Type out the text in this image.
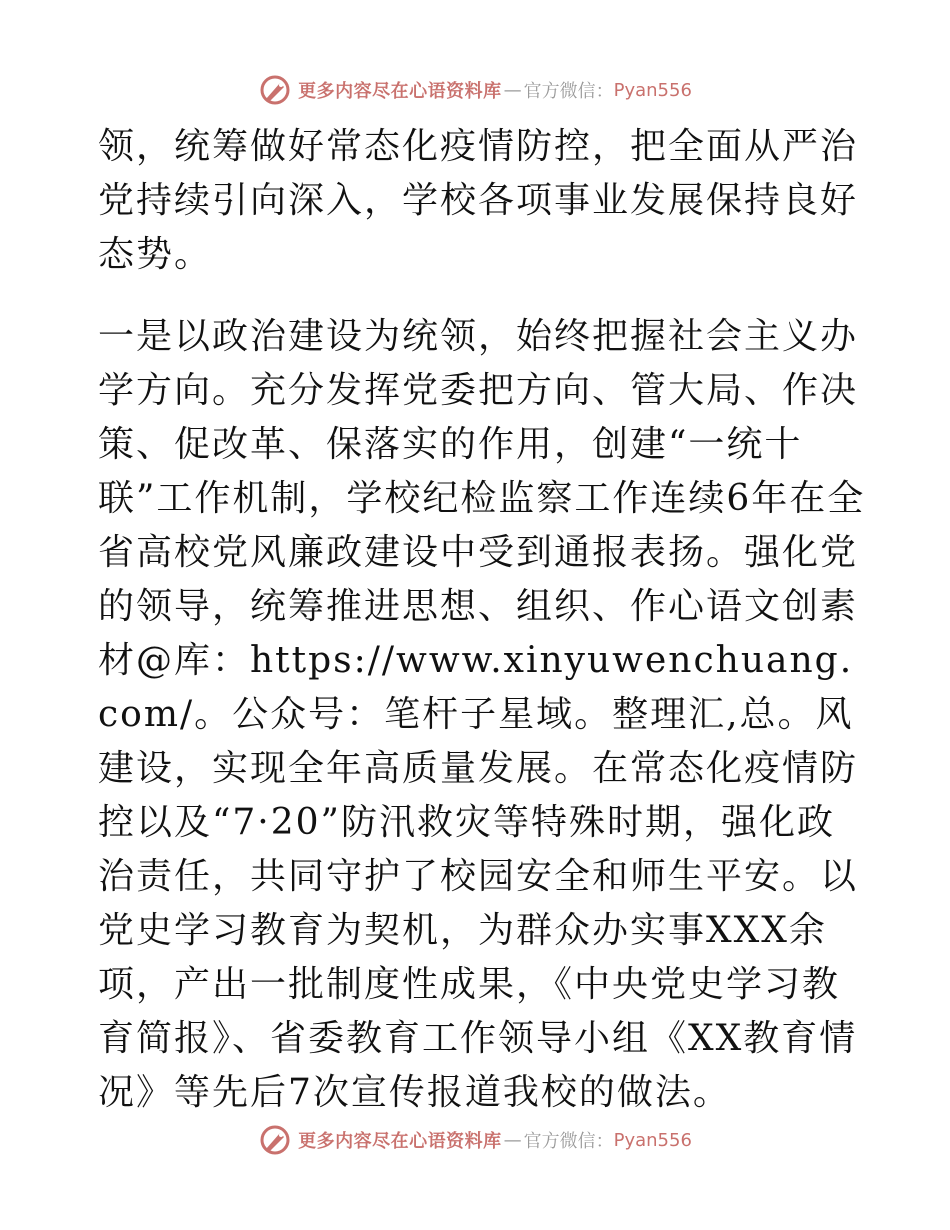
更多内容尽在心语资料库 — 官方微信： Pyan556

领，统筹做好常态化疫情防控，把全面从严治党持续引向深入，学校各项事业发展保持良好态势。

一是以政治建设为统领，始终把握社会主义办学方向。充分发挥党委把方向、管大局、作决策、促改革、保落实的作用，创建“一统十联”工作机制，学校纪检监察工作连续6年在全省高校党风廉政建设中受到通报表扬。强化党的领导，统筹推进思想、组织、作心语文创素材@库：https://www.xinyuwenchuang.com/。公众号：笔杆子星域。整理汇,总。风建设，实现全年高质量发展。在常态化疫情防控以及“7·20”防汛救灾等特殊时期，强化政治责任，共同守护了校园安全和师生平安。以党史学习教育为契机，为群众办实事XXX余项，产出一批制度性成果，《中央党史学习教育简报》、省委教育工作领导小组《XX教育情况》等先后7次宣传报道我校的做法。

更多内容尽在心语资料库 — 官方微信： Pyan556
